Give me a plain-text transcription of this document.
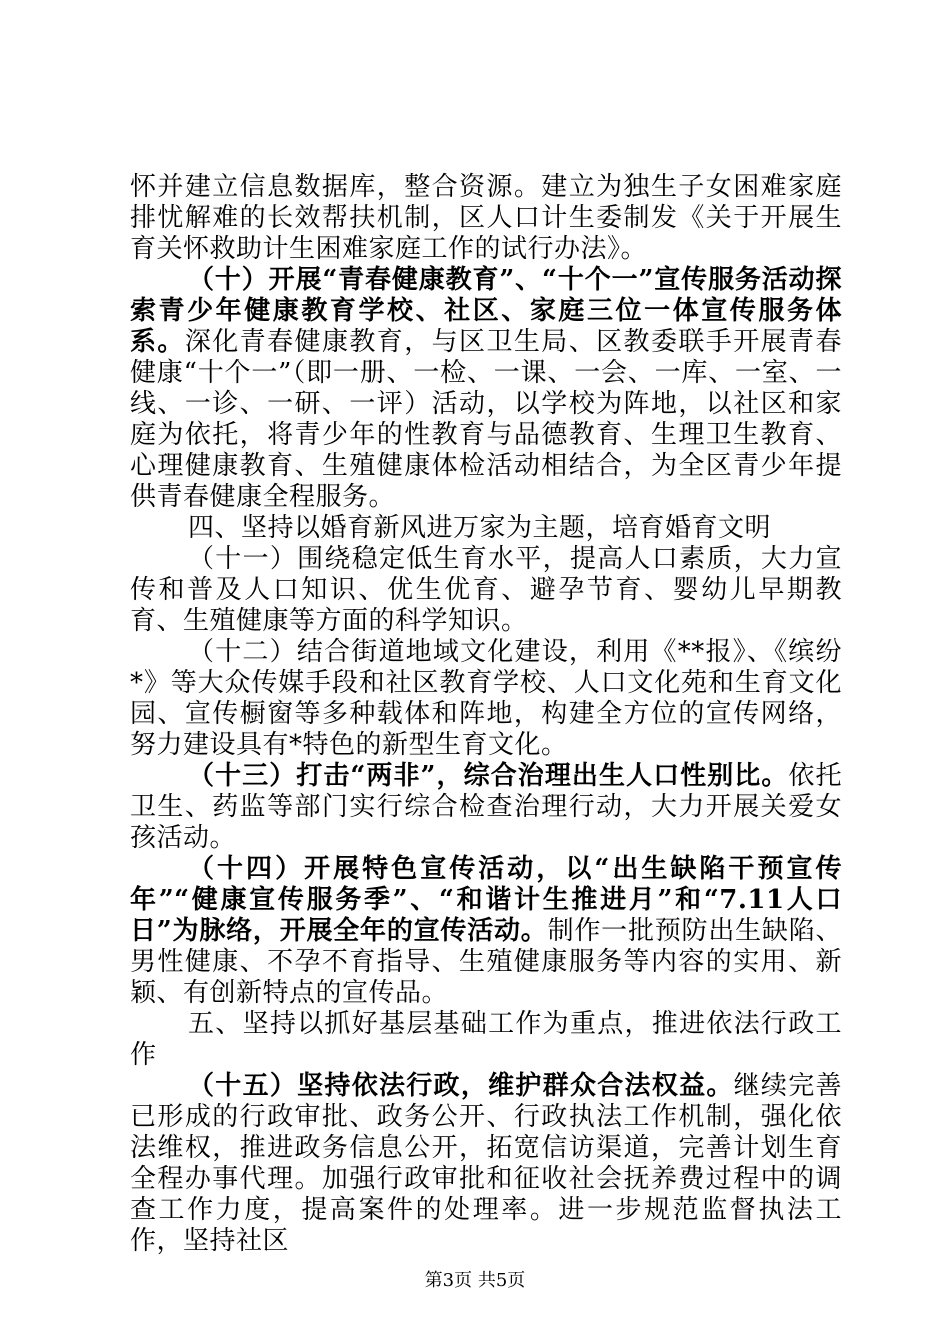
怀并建立信息数据库，整合资源。建立为独生子女困难家庭排忧解难的长效帮扶机制，区人口计生委制发《关于开展生育关怀救助计生困难家庭工作的试行办法》。

（十）开展“青春健康教育”、“十个一”宣传服务活动探索青少年健康教育学校、社区、家庭三位一体宣传服务体系。深化青春健康教育，与区卫生局、区教委联手开展青春健康“十个一”（即一册、一检、一课、一会、一库、一室、一线、一诊、一研、一评）活动，以学校为阵地，以社区和家庭为依托，将青少年的性教育与品德教育、生理卫生教育、心理健康教育、生殖健康体检活动相结合，为全区青少年提供青春健康全程服务。

四、坚持以婚育新风进万家为主题，培育婚育文明

（十一）围绕稳定低生育水平，提高人口素质，大力宣传和普及人口知识、优生优育、避孕节育、婴幼儿早期教育、生殖健康等方面的科学知识。

（十二）结合街道地域文化建设，利用《**报》、《缤纷*》等大众传媒手段和社区教育学校、人口文化苑和生育文化园、宣传橱窗等多种载体和阵地，构建全方位的宣传网络，努力建设具有*特色的新型生育文化。

（十三）打击“两非”，综合治理出生人口性别比。依托卫生、药监等部门实行综合检查治理行动，大力开展关爱女孩活动。

（十四）开展特色宣传活动，以“出生缺陷干预宣传年”“健康宣传服务季”、“和谐计生推进月”和“7.11人口日”为脉络，开展全年的宣传活动。制作一批预防出生缺陷、男性健康、不孕不育指导、生殖健康服务等内容的实用、新颖、有创新特点的宣传品。

五、坚持以抓好基层基础工作为重点，推进依法行政工作

（十五）坚持依法行政，维护群众合法权益。继续完善已形成的行政审批、政务公开、行政执法工作机制，强化依法维权，推进政务信息公开，拓宽信访渠道，完善计划生育全程办事代理。加强行政审批和征收社会抚养费过程中的调查工作力度，提高案件的处理率。进一步规范监督执法工作，坚持社区

第3页 共5页
